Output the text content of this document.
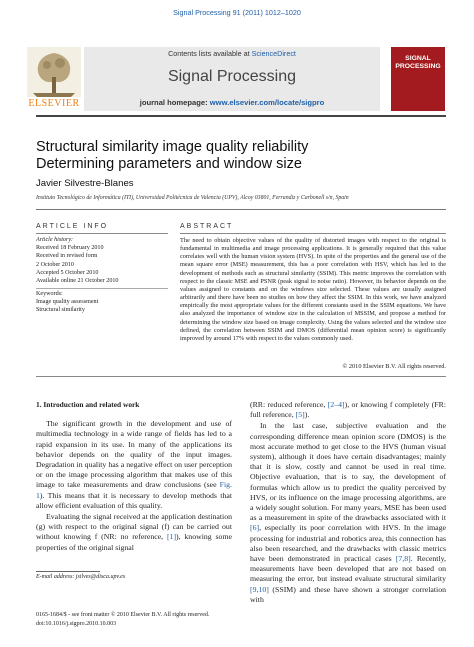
Signal Processing 91 (2011) 1012–1020
Contents lists available at ScienceDirect
Signal Processing
journal homepage: www.elsevier.com/locate/sigpro
ELSEVIER
SIGNAL PROCESSING
Structural similarity image quality reliability
Determining parameters and window size
Javier Silvestre-Blanes
Instituto Tecnológico de Informática (ITI), Universidad Politécnica de Valencia (UPV), Alcoy 03801, Ferrandiz y Carbonell s/n, Spain
ARTICLE INFO	ABSTRACT
Article history:
Received 18 February 2010
Received in revised form
2 October 2010
Accepted 5 October 2010
Available online 21 October 2010
Keywords:
Image quality assessment
Structural similarity
The need to obtain objective values of the quality of distorted images with respect to the original is fundamental in multimedia and image processing applications. It is generally required that this value correlates well with the human vision system (HVS). In spite of the properties and the general use of the mean square error (MSE) measurement, this has a poor correlation with HSV, which has led to the development of methods such as structural similarity (SSIM). This metric improves the correlation with respect to the classic MSE and PSNR (peak signal to noise ratio). However, its behavior depends on the values assigned to constants and on the windows size selected. These values are usually assigned arbitrarily and there have been no studies on how they affect the SSIM. In this work, we have analyzed empirically the most appropriate values for the different constants used in the SSIM equations. We have also analyzed the importance of window size in the calculation of MSSIM, and propose a method for determining the window size based on image complexity. Using the values selected and the window size defined, the correlation between SSIM and DMOS (differential mean opinion score) is significantly improved by around 17% with respect to the values commonly used.
© 2010 Elsevier B.V. All rights reserved.
1. Introduction and related work

The significant growth in the development and use of multimedia technology in a wide range of fields has led to a rapid expansion in its use. In many of the applications its behavior depends on the quality of the input images. Degradation in quality has a negative effect on user perception or on the image processing algorithm that makes use of this image to take measurements and draw conclusions (see Fig. 1). This means that it is necessary to develop methods that allow efficient evaluation of this quality.

Evaluating the signal received at the application destination (g) with respect to the original signal (f) can be carried out without knowing f (NR: no reference, [1]), knowing some properties of the original signal

(RR: reduced reference, [2–4]), or knowing f completely (FR: full reference, [5]).

In the last case, subjective evaluation and the corresponding difference mean opinion score (DMOS) is the most accurate method to get close to the HVS (human visual system), although it does have certain disadvantages; mainly that it is slow, costly and cannot be used in real time. Objective evaluation, that is to say, the development of formulas which allow us to predict the quality perceived by HVS, or its influence on the image processing algorithms, are a widely sought solution. For many years, MSE has been used as a measurement in spite of the drawbacks associated with it [6], especially its poor correlation with HVS. In the image processing for industrial and robotics area, this connection has also been researched, and the drawbacks with classic metrics have been demonstrated in practical cases [7,8]. Recently, measurements have been developed that are not based on measuring the error, but instead evaluate structural similarity [9,10] (SSIM) and these have shown a stronger correlation with

E-mail address: jsilves@disca.upv.es
0165-1684/$ - see front matter © 2010 Elsevier B.V. All rights reserved.
doi:10.1016/j.sigpro.2010.10.003
